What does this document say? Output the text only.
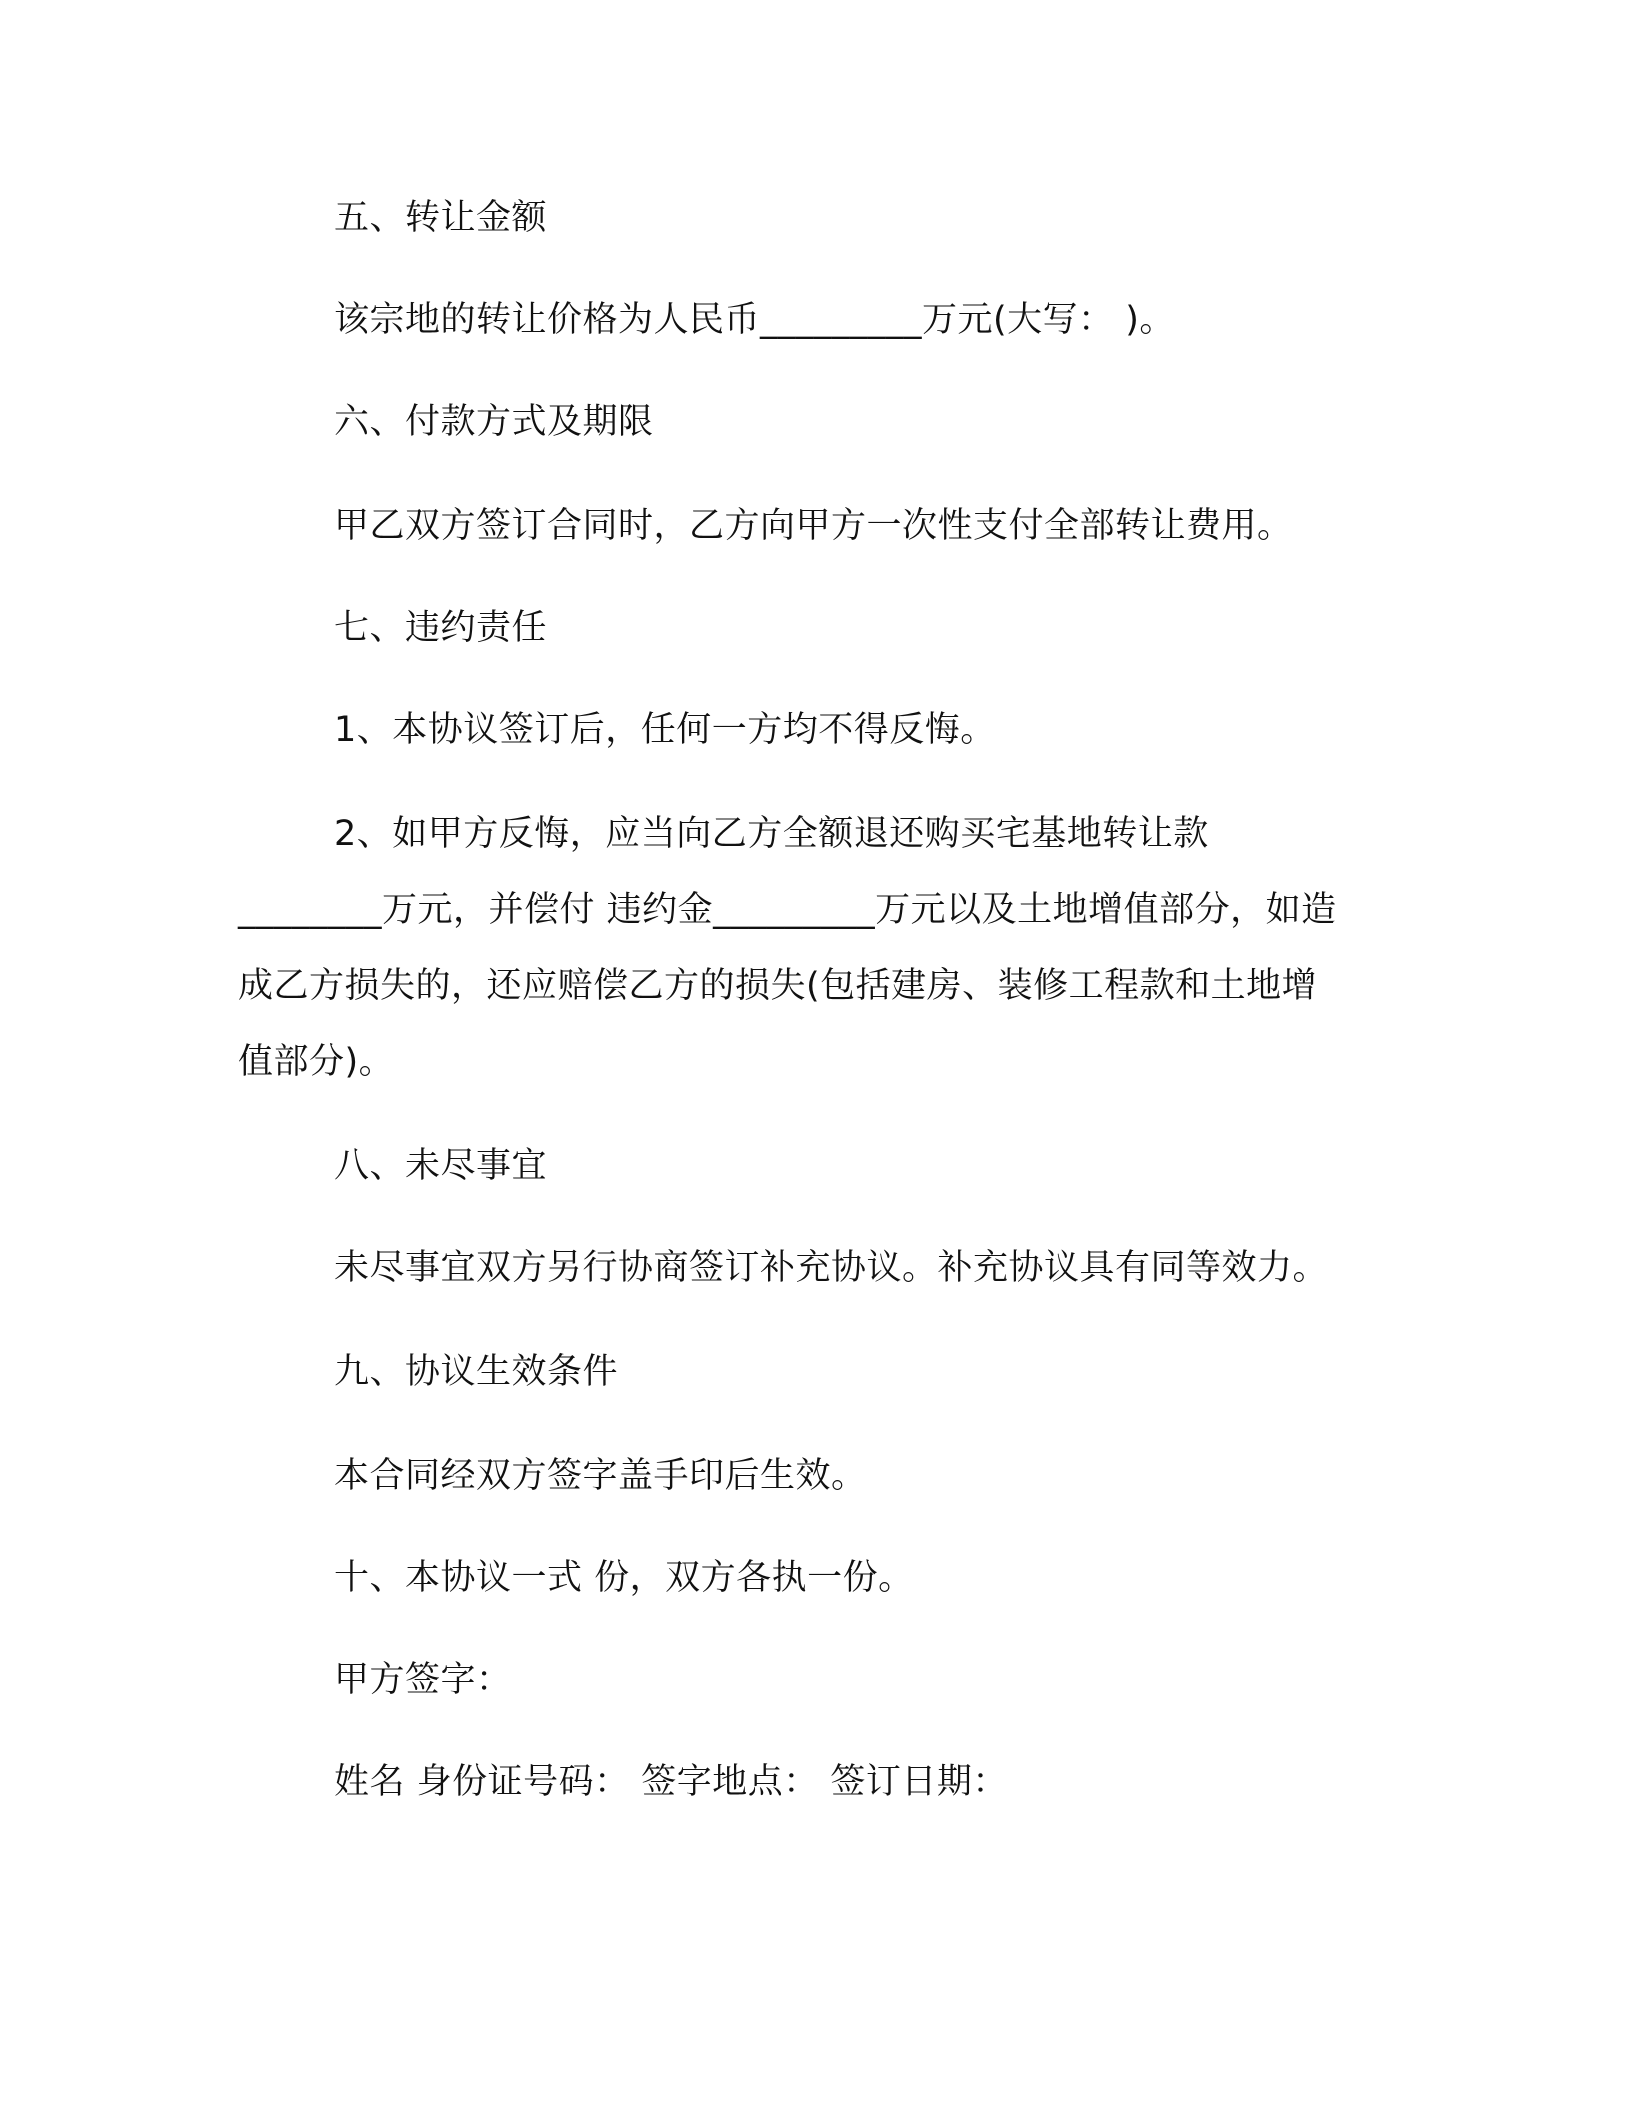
五、转让金额

该宗地的转让价格为人民币_________万元(大写： )。

六、付款方式及期限

甲乙双方签订合同时，乙方向甲方一次性支付全部转让费用。

七、违约责任

1、本协议签订后，任何一方均不得反悔。

2、如甲方反悔，应当向乙方全额退还购买宅基地转让款

________万元，并偿付 违约金_________万元以及土地增值部分，如造

成乙方损失的，还应赔偿乙方的损失(包括建房、装修工程款和土地增

值部分)。

八、未尽事宜

未尽事宜双方另行协商签订补充协议。补充协议具有同等效力。

九、协议生效条件

本合同经双方签字盖手印后生效。

十、本协议一式 份，双方各执一份。

甲方签字：

姓名 身份证号码： 签字地点： 签订日期：
